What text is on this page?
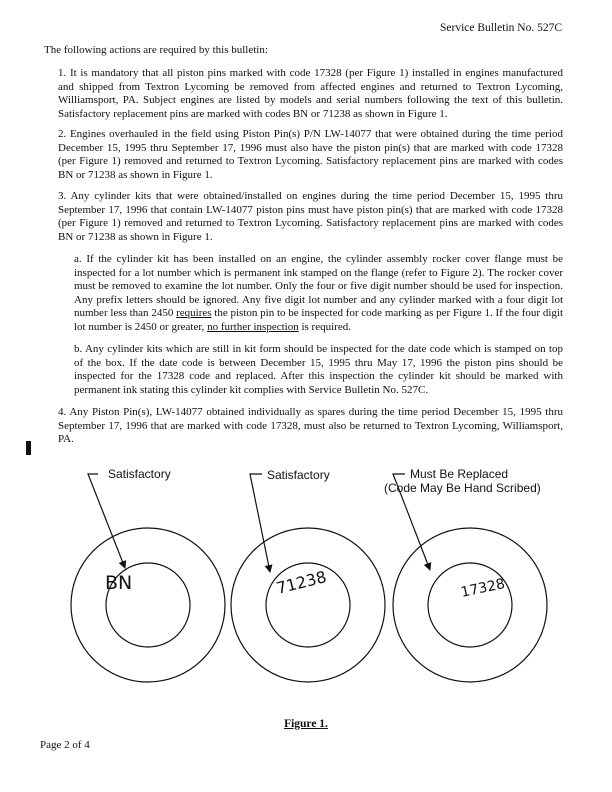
Service Bulletin No. 527C
The following actions are required by this bulletin:
1. It is mandatory that all piston pins marked with code 17328 (per Figure 1) installed in engines manufactured and shipped from Textron Lycoming be removed from affected engines and returned to Textron Lycoming, Williamsport, PA. Subject engines are listed by models and serial numbers following the text of this bulletin. Satisfactory replacement pins are marked with codes BN or 71238 as shown in Figure 1.
2. Engines overhauled in the field using Piston Pin(s) P/N LW-14077 that were obtained during the time period December 15, 1995 thru September 17, 1996 must also have the piston pin(s) that are marked with code 17328 (per Figure 1) removed and returned to Textron Lycoming. Satisfactory replacement pins are marked with codes BN or 71238 as shown in Figure 1.
3. Any cylinder kits that were obtained/installed on engines during the time period December 15, 1995 thru September 17, 1996 that contain LW-14077 piston pins must have piston pin(s) that are marked with code 17328 (per Figure 1) removed and returned to Textron Lycoming. Satisfactory replacement pins are marked with codes BN or 71238 as shown in Figure 1.
a. If the cylinder kit has been installed on an engine, the cylinder assembly rocker cover flange must be inspected for a lot number which is permanent ink stamped on the flange (refer to Figure 2). The rocker cover must be removed to examine the lot number. Only the four or five digit number should be used for inspection. Any prefix letters should be ignored. Any five digit lot number and any cylinder marked with a four digit lot number less than 2450 requires the piston pin to be inspected for code marking as per Figure 1. If the four digit lot number is 2450 or greater, no further inspection is required.
b. Any cylinder kits which are still in kit form should be inspected for the date code which is stamped on top of the box. If the date code is between December 15, 1995 thru May 17, 1996 the piston pins should be inspected for the 17328 code and replaced. After this inspection the cylinder kit should be marked with permanent ink stating this cylinder kit complies with Service Bulletin No. 527C.
4. Any Piston Pin(s), LW-14077 obtained individually as spares during the time period December 15, 1995 thru September 17, 1996 that are marked with code 17328, must also be returned to Textron Lycoming, Williamsport, PA.
Satisfactory	Satisfactory	Must Be Replaced
(Code May Be Hand Scribed)
BN	71238	17328
Figure 1.
Page 2 of 4
